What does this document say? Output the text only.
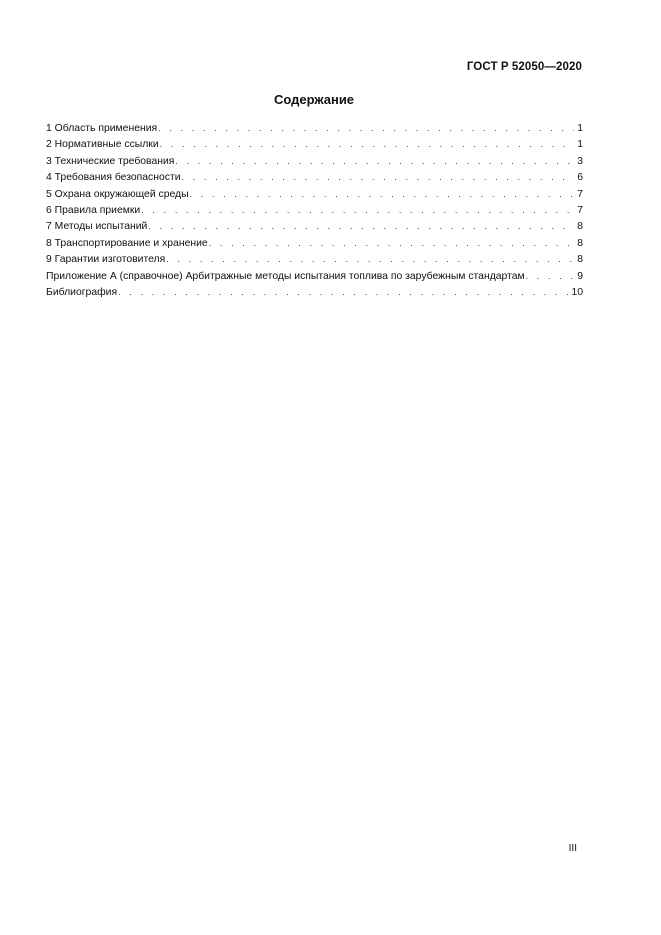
ГОСТ Р 52050—2020
Содержание
1 Область применения . . .	1
2 Нормативные ссылки . . .	1
3 Технические требования . . .	3
4 Требования безопасности . . .	6
5 Охрана окружающей среды . . .	7
6 Правила приемки . . .	7
7 Методы испытаний . . .	8
8 Транспортирование и хранение . . .	8
9 Гарантии изготовителя . . .	8
Приложение А (справочное) Арбитражные методы испытания топлива по зарубежным стандартам . . .	9
Библиография . . .	10
III
